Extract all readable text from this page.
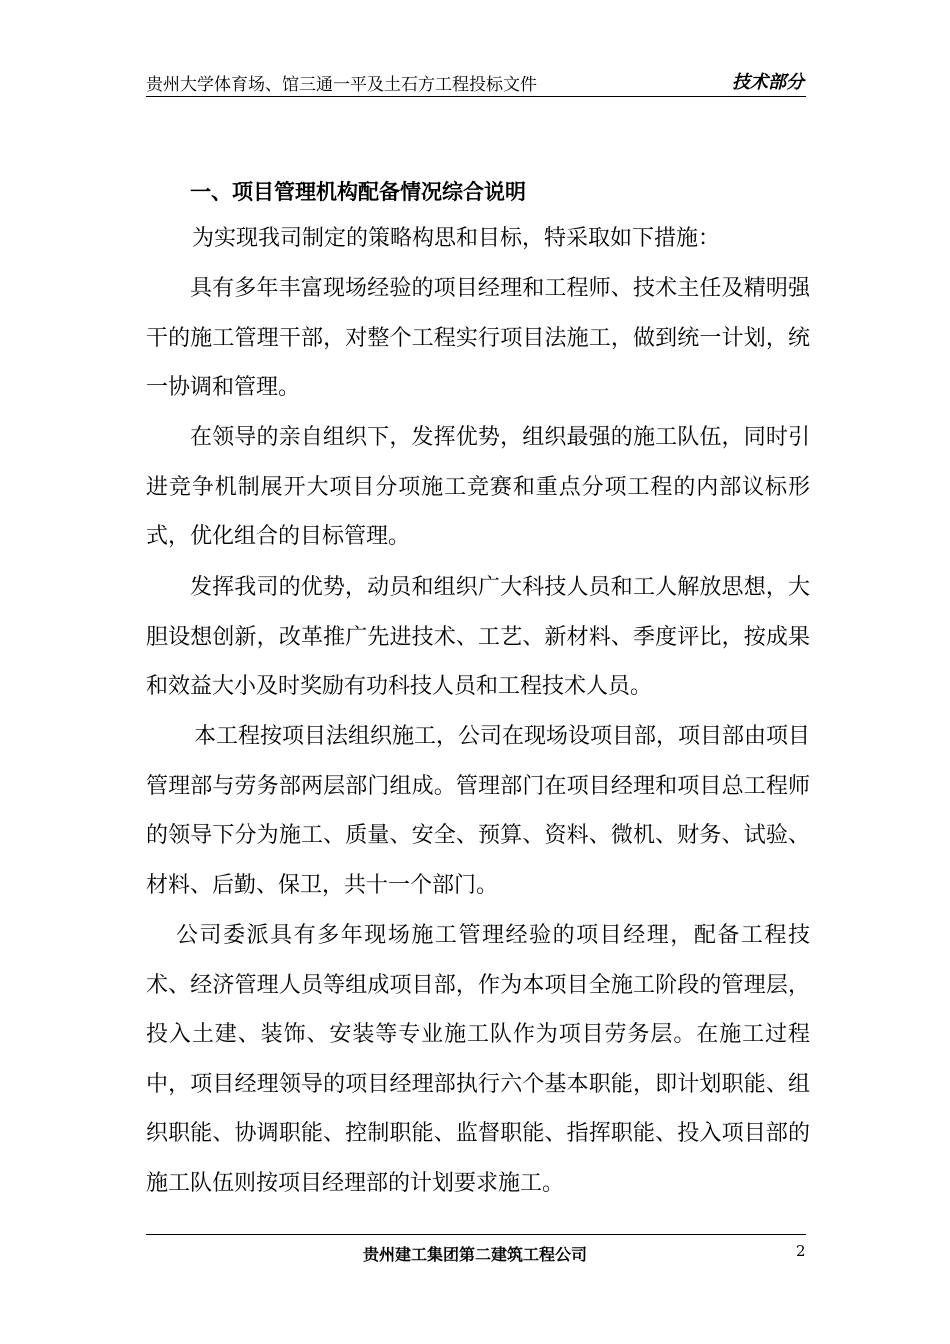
贵州大学体育场、馆三通一平及土石方工程投标文件	技术部分
一、项目管理机构配备情况综合说明

为实现我司制定的策略构思和目标，特采取如下措施：

具有多年丰富现场经验的项目经理和工程师、技术主任及精明强干的施工管理干部，对整个工程实行项目法施工，做到统一计划，统一协调和管理。

在领导的亲自组织下，发挥优势，组织最强的施工队伍，同时引进竞争机制展开大项目分项施工竞赛和重点分项工程的内部议标形式，优化组合的目标管理。

发挥我司的优势，动员和组织广大科技人员和工人解放思想，大胆设想创新，改革推广先进技术、工艺、新材料、季度评比，按成果和效益大小及时奖励有功科技人员和工程技术人员。

本工程按项目法组织施工，公司在现场设项目部，项目部由项目管理部与劳务部两层部门组成。管理部门在项目经理和项目总工程师的领导下分为施工、质量、安全、预算、资料、微机、财务、试验、材料、后勤、保卫，共十一个部门。

公司委派具有多年现场施工管理经验的项目经理，配备工程技术、经济管理人员等组成项目部，作为本项目全施工阶段的管理层，投入土建、装饰、安装等专业施工队作为项目劳务层。在施工过程中，项目经理领导的项目经理部执行六个基本职能，即计划职能、组织职能、协调职能、控制职能、监督职能、指挥职能、投入项目部的施工队伍则按项目经理部的计划要求施工。

贵州建工集团第二建筑工程公司	2
